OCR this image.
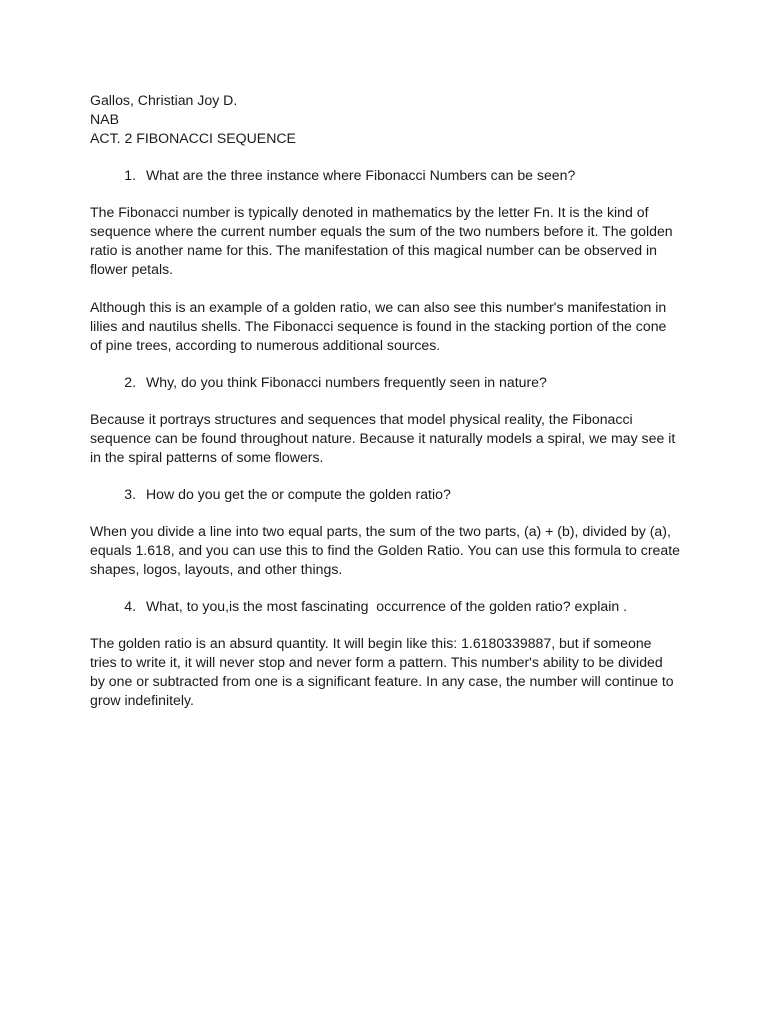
Gallos, Christian Joy D.

NAB

ACT. 2 FIBONACCI SEQUENCE

1. What are the three instance where Fibonacci Numbers can be seen?

The Fibonacci number is typically denoted in mathematics by the letter Fn. It is the kind of sequence where the current number equals the sum of the two numbers before it. The golden ratio is another name for this. The manifestation of this magical number can be observed in flower petals.

Although this is an example of a golden ratio, we can also see this number's manifestation in lilies and nautilus shells. The Fibonacci sequence is found in the stacking portion of the cone of pine trees, according to numerous additional sources.

2. Why, do you think Fibonacci numbers frequently seen in nature?

Because it portrays structures and sequences that model physical reality, the Fibonacci sequence can be found throughout nature. Because it naturally models a spiral, we may see it in the spiral patterns of some flowers.

3. How do you get the or compute the golden ratio?

When you divide a line into two equal parts, the sum of the two parts, (a) + (b), divided by (a), equals 1.618, and you can use this to find the Golden Ratio. You can use this formula to create shapes, logos, layouts, and other things.

4. What, to you,is the most fascinating  occurrence of the golden ratio? explain .

The golden ratio is an absurd quantity. It will begin like this: 1.6180339887, but if someone tries to write it, it will never stop and never form a pattern. This number's ability to be divided by one or subtracted from one is a significant feature. In any case, the number will continue to grow indefinitely.
